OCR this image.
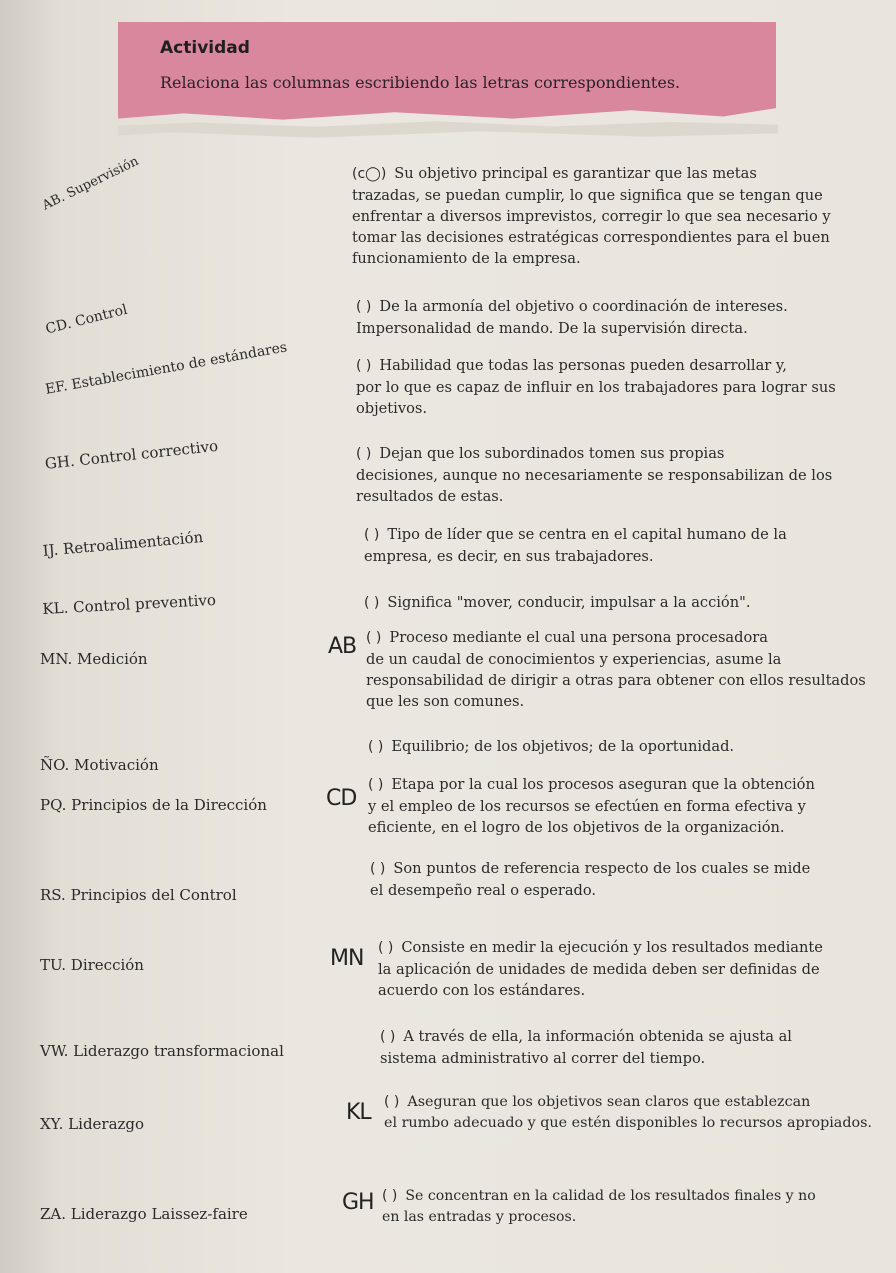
Actividad
Relaciona las columnas escribiendo las letras correspondientes.
AB. Supervisión
CD. Control
EF. Establecimiento de estándares
GH. Control correctivo
IJ. Retroalimentación
KL. Control preventivo
MN. Medición
ÑO. Motivación
PQ. Principios de la Dirección
RS. Principios del Control
TU. Dirección
VW. Liderazgo transformacional
XY. Liderazgo
ZA. Liderazgo Laissez-faire
(c◯) Su objetivo principal es garantizar que las metas
trazadas, se puedan cumplir, lo que significa que se tengan que enfrentar a diversos imprevistos, corregir lo que sea necesario y tomar las decisiones estratégicas correspondientes para el buen funcionamiento de la empresa.
( ) De la armonía del objetivo o coordinación de intereses.
Impersonalidad de mando. De la supervisión directa.
( ) Habilidad que todas las personas pueden desarrollar y,
por lo que es capaz de influir en los trabajadores para lograr sus objetivos.
( ) Dejan que los subordinados tomen sus propias
decisiones, aunque no necesariamente se responsabilizan de los resultados de estas.
( ) Tipo de líder que se centra en el capital humano de la
empresa, es decir, en sus trabajadores.
( ) Significa "mover, conducir, impulsar a la acción".
AB ( ) Proceso mediante el cual una persona procesadora
de un caudal de conocimientos y experiencias, asume la responsabilidad de dirigir a otras para obtener con ellos resultados que les son comunes.
( ) Equilibrio; de los objetivos; de la oportunidad.
CD
( ) Etapa por la cual los procesos aseguran que la obtención
y el empleo de los recursos se efectúen en forma efectiva y eficiente, en el logro de los objetivos de la organización.
( ) Son puntos de referencia respecto de los cuales se mide
el desempeño real o esperado.
MN ( ) Consiste en medir la ejecución y los resultados mediante
la aplicación de unidades de medida deben ser definidas de acuerdo con los estándares.
( ) A través de ella, la información obtenida se ajusta al
sistema administrativo al correr del tiempo.
KL ( ) Aseguran que los objetivos sean claros que establezcan
el rumbo adecuado y que estén disponibles lo recursos apropiados.
GH ( ) Se concentran en la calidad de los resultados finales y no
en las entradas y procesos.
